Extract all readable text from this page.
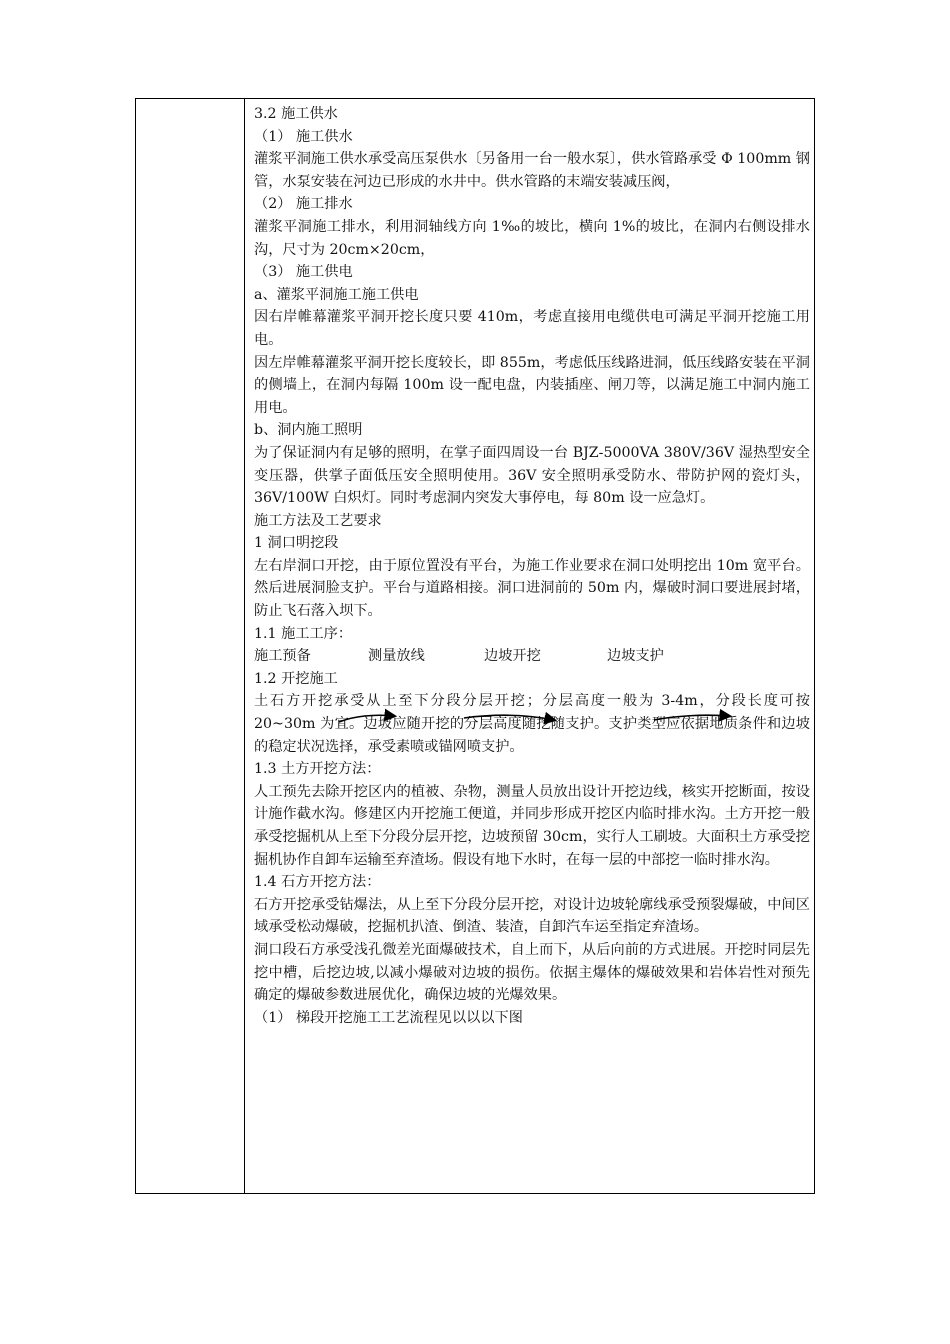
3.2 施工供水
（1） 施工供水
灌浆平洞施工供水承受高压泵供水〔另备用一台一般水泵〕，供水管路承受 Φ 100mm 钢管，水泵安装在河边已形成的水井中。供水管路的末端安装减压阀，
（2） 施工排水
灌浆平洞施工排水，利用洞轴线方向 1‰的坡比，横向 1%的坡比，在洞内右侧设排水沟，尺寸为 20cm×20cm，
（3） 施工供电
a、灌浆平洞施工施工供电
因右岸帷幕灌浆平洞开挖长度只要 410m，考虑直接用电缆供电可满足平洞开挖施工用电。
因左岸帷幕灌浆平洞开挖长度较长，即 855m，考虑低压线路进洞，低压线路安装在平洞的侧墙上，在洞内每隔 100m 设一配电盘，内装插座、闸刀等，以满足施工中洞内施工用电。
b、洞内施工照明
为了保证洞内有足够的照明，在掌子面四周设一台 BJZ-5000VA 380V/36V 湿热型安全变压器，供掌子面低压安全照明使用。36V 安全照明承受防水、带防护网的瓷灯头，36V/100W 白炽灯。同时考虑洞内突发大事停电，每 80m 设一应急灯。
施工方法及工艺要求
1 洞口明挖段
左右岸洞口开挖，由于原位置没有平台，为施工作业要求在洞口处明挖出 10m 宽平台。然后进展洞脸支护。平台与道路相接。洞口进洞前的 50m 内，爆破时洞口要进展封堵，防止飞石落入坝下。
1.1 施工工序：
施工预备	测量放线	边坡开挖	边坡支护
1.2 开挖施工
土石方开挖承受从上至下分段分层开挖；分层高度一般为 3-4m，分段长度可按 20~30m 为宜。边坡应随开挖的分层高度随挖随支护。支护类型应依据地质条件和边坡的稳定状况选择，承受素喷或锚网喷支护。
1.3 土方开挖方法：
人工预先去除开挖区内的植被、杂物，测量人员放出设计开挖边线，核实开挖断面，按设计施作截水沟。修建区内开挖施工便道，并同步形成开挖区内临时排水沟。土方开挖一般承受挖掘机从上至下分段分层开挖，边坡预留 30cm，实行人工刷坡。大面积土方承受挖掘机协作自卸车运输至弃渣场。假设有地下水时，在每一层的中部挖一临时排水沟。
1.4 石方开挖方法：
石方开挖承受钻爆法，从上至下分段分层开挖，对设计边坡轮廓线承受预裂爆破，中间区域承受松动爆破，挖掘机扒渣、倒渣、装渣，自卸汽车运至指定弃渣场。
洞口段石方承受浅孔微差光面爆破技术，自上而下，从后向前的方式进展。开挖时同层先挖中槽，后挖边坡,以减小爆破对边坡的损伤。依据主爆体的爆破效果和岩体岩性对预先确定的爆破参数进展优化，确保边坡的光爆效果。
（1） 梯段开挖施工工艺流程见以以以下图
